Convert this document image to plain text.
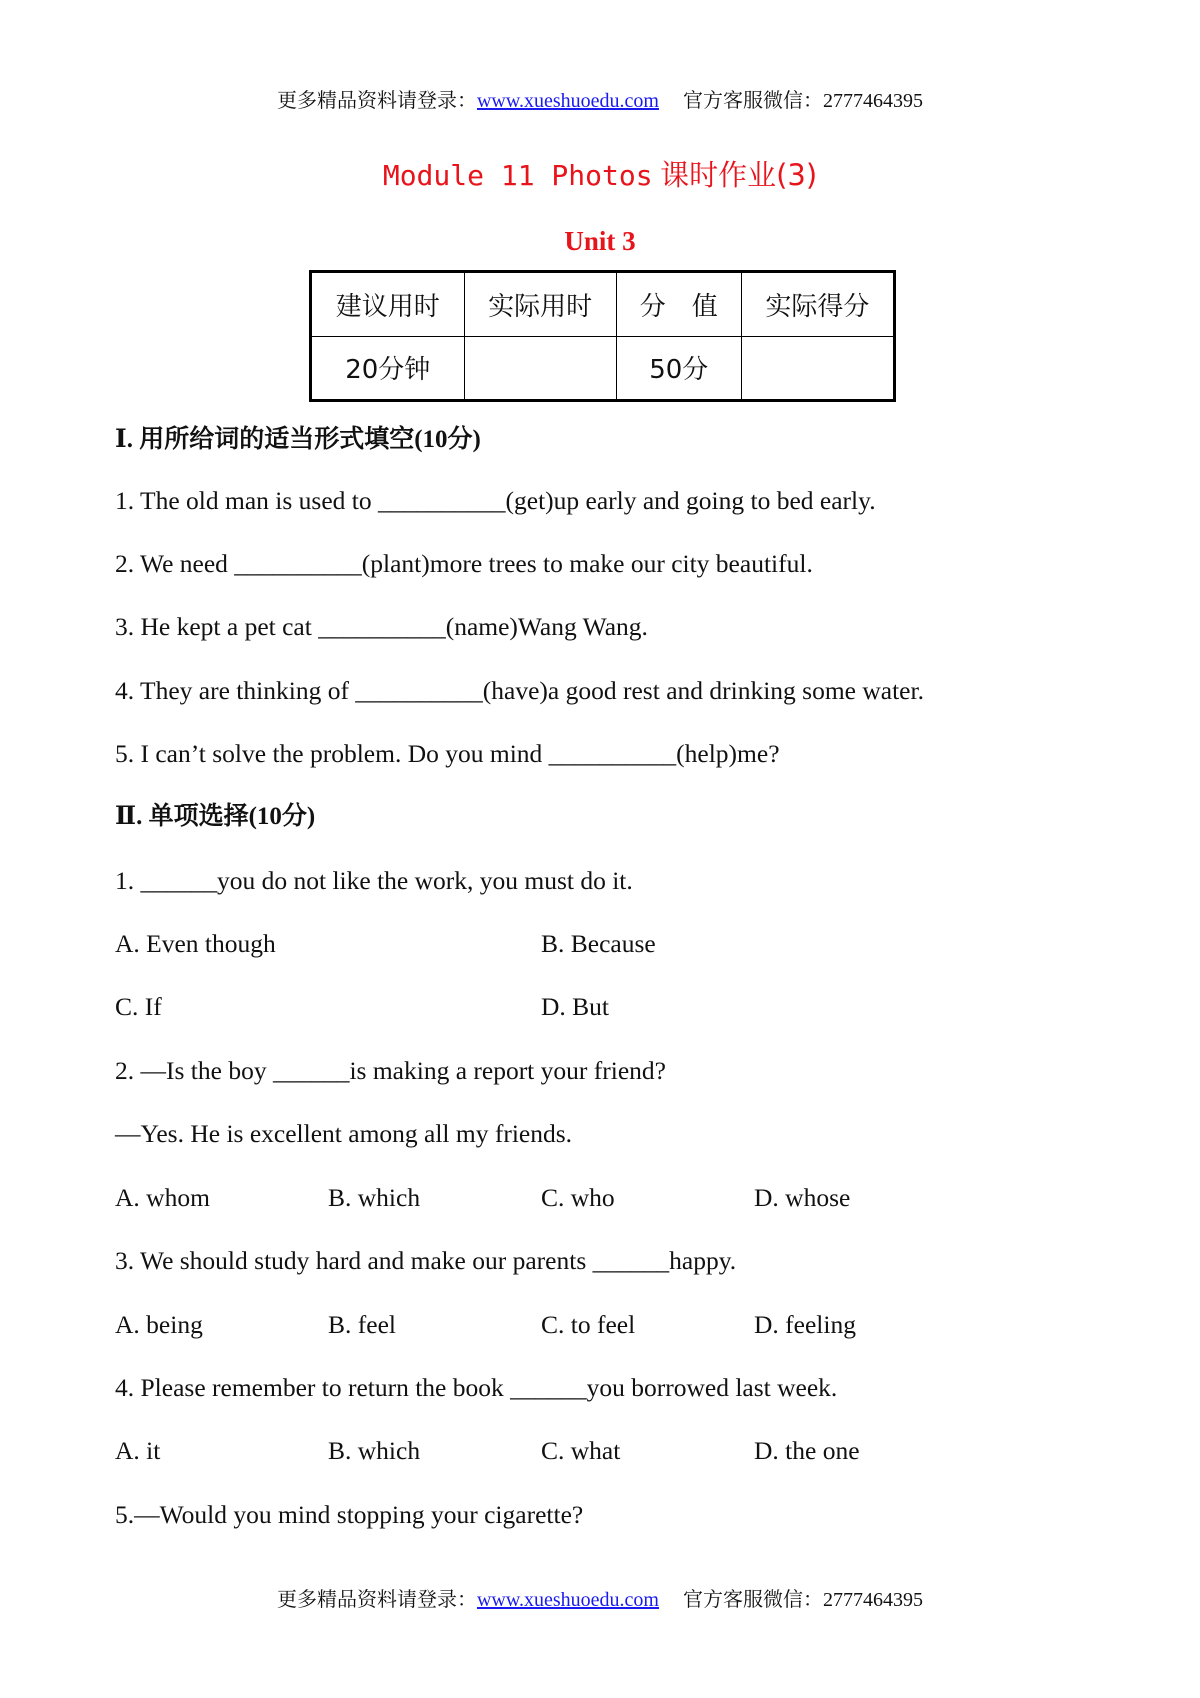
更多精品资料请登录：www.xueshuoedu.com 官方客服微信：2777464395
Module 11 Photos 课时作业(3)
Unit 3
建议用时	实际用时	分　值	实际得分
20分钟		50分	
Ⅰ. 用所给词的适当形式填空(10分)
1. The old man is used to __________(get)up early and going to bed early.
2. We need __________(plant)more trees to make our city beautiful.
3. He kept a pet cat __________(name)Wang Wang.
4. They are thinking of __________(have)a good rest and drinking some water.
5. I can’t solve the problem. Do you mind __________(help)me?
Ⅱ. 单项选择(10分)
1. ______you do not like the work, you must do it.
A. Even though	B. Because
C. If	D. But
2. —Is the boy ______is making a report your friend?
—Yes. He is excellent among all my friends.
A. whom	B. which	C. who	D. whose
3. We should study hard and make our parents ______happy.
A. being	B. feel	C. to feel	D. feeling
4. Please remember to return the book ______you borrowed last week.
A. it	B. which	C. what	D. the one
5.—Would you mind stopping your cigarette?
更多精品资料请登录：www.xueshuoedu.com 官方客服微信：2777464395
